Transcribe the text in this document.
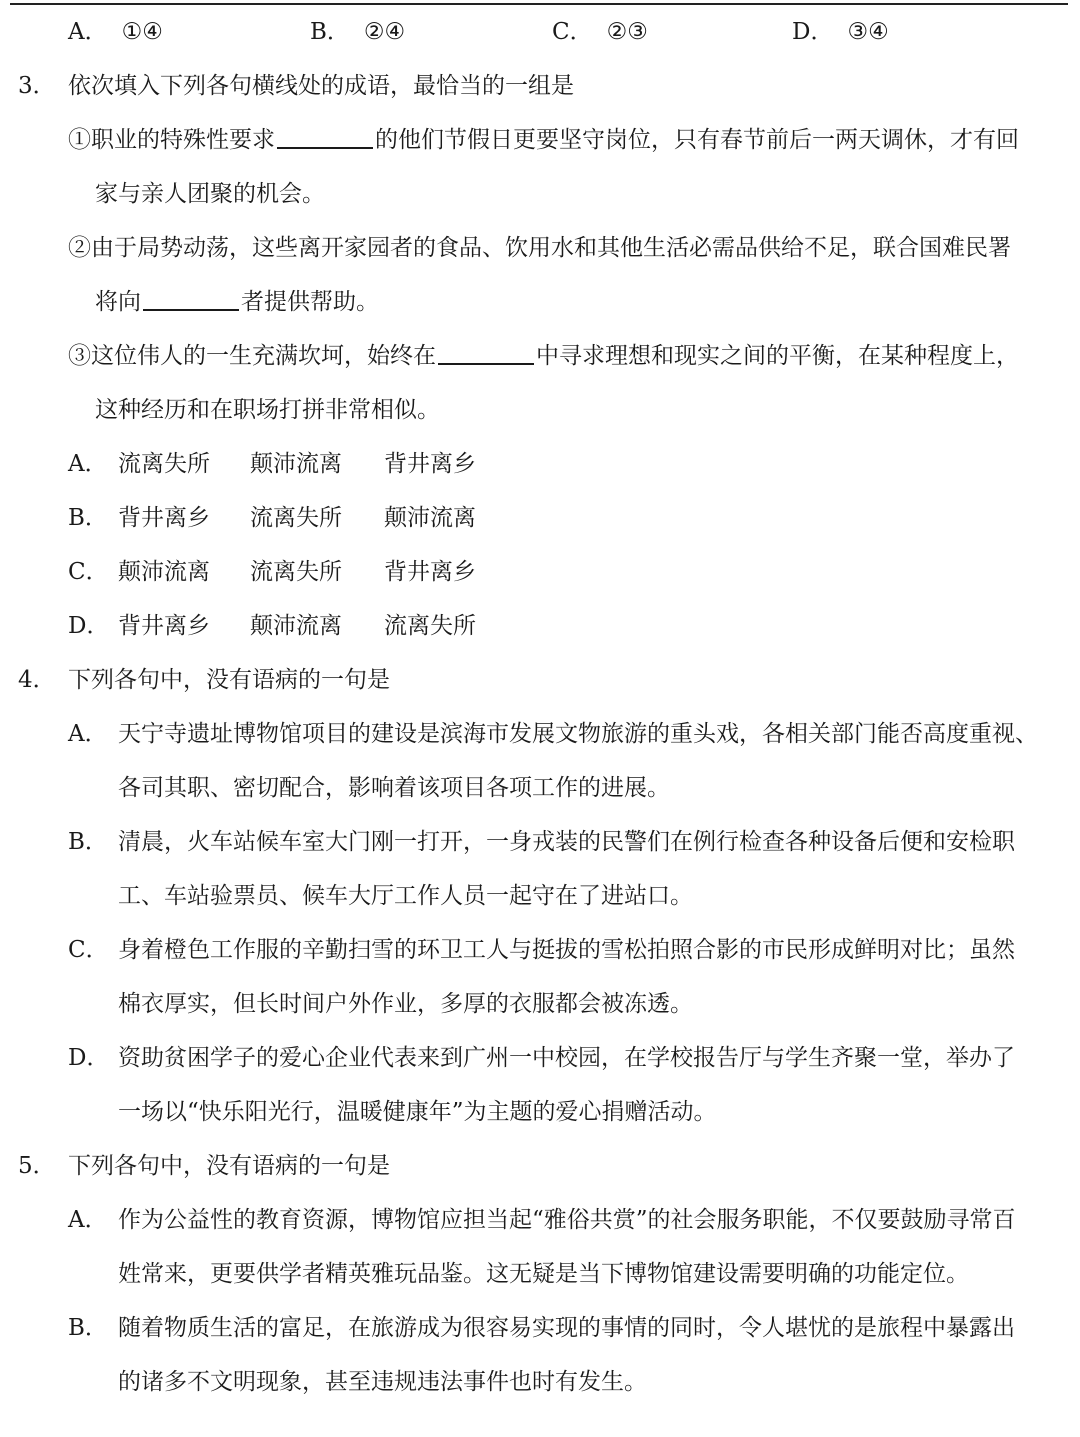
A． ①④	B． ②④	C． ②③	D． ③④
3． 依次填入下列各句横线处的成语，最恰当的一组是
①职业的特殊性要求	的他们节假日更要坚守岗位，只有春节前后一两天调休，才有回
家与亲人团聚的机会。
②由于局势动荡，这些离开家园者的食品、饮用水和其他生活必需品供给不足，联合国难民署
将向	者提供帮助。
③这位伟人的一生充满坎坷，始终在	中寻求理想和现实之间的平衡，在某种程度上，
这种经历和在职场打拼非常相似。
A． 流离失所 颠沛流离 背井离乡
B． 背井离乡 流离失所 颠沛流离
C． 颠沛流离 流离失所 背井离乡
D． 背井离乡 颠沛流离 流离失所
4． 下列各句中，没有语病的一句是
A． 天宁寺遗址博物馆项目的建设是滨海市发展文物旅游的重头戏，各相关部门能否高度重视、
各司其职、密切配合，影响着该项目各项工作的进展。
B． 清晨，火车站候车室大门刚一打开，一身戎装的民警们在例行检查各种设备后便和安检职
工、车站验票员、候车大厅工作人员一起守在了进站口。
C． 身着橙色工作服的辛勤扫雪的环卫工人与挺拔的雪松拍照合影的市民形成鲜明对比；虽然
棉衣厚实，但长时间户外作业，多厚的衣服都会被冻透。
D． 资助贫困学子的爱心企业代表来到广州一中校园，在学校报告厅与学生齐聚一堂，举办了
一场以“快乐阳光行，温暖健康年”为主题的爱心捐赠活动。
5． 下列各句中，没有语病的一句是
A． 作为公益性的教育资源，博物馆应担当起“雅俗共赏”的社会服务职能，不仅要鼓励寻常百
姓常来，更要供学者精英雅玩品鉴。这无疑是当下博物馆建设需要明确的功能定位。
B． 随着物质生活的富足，在旅游成为很容易实现的事情的同时，令人堪忧的是旅程中暴露出
的诸多不文明现象，甚至违规违法事件也时有发生。
